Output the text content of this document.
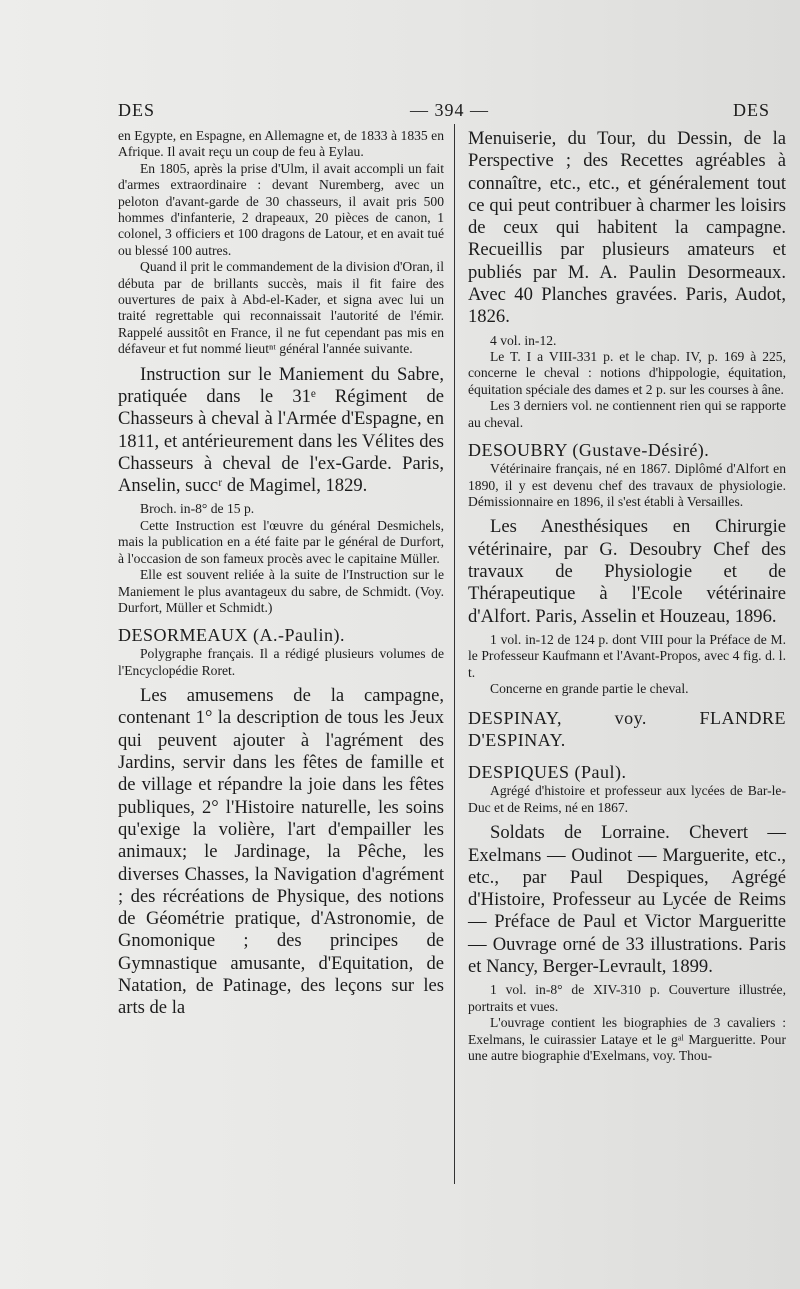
DES	— 394 —	DES

en Egypte, en Espagne, en Allemagne et, de 1833 à 1835 en Afrique. Il avait reçu un coup de feu à Eylau.

En 1805, après la prise d'Ulm, il avait accompli un fait d'armes extraordinaire : devant Nuremberg, avec un peloton d'avant-garde de 30 chasseurs, il avait pris 500 hommes d'infanterie, 2 drapeaux, 20 pièces de canon, 1 colonel, 3 officiers et 100 dragons de Latour, et en avait tué ou blessé 100 autres.

Quand il prit le commandement de la division d'Oran, il débuta par de brillants succès, mais il fit faire des ouvertures de paix à Abd-el-Kader, et signa avec lui un traité regrettable qui reconnaissait l'autorité de l'émir. Rappelé aussitôt en France, il ne fut cependant pas mis en défaveur et fut nommé lieutⁿᵗ général l'année suivante.

Instruction sur le Maniement du Sabre, pratiquée dans le 31ᵉ Régiment de Chasseurs à cheval à l'Armée d'Espagne, en 1811, et antérieurement dans les Vélites des Chasseurs à cheval de l'ex-Garde. Paris, Anselin, succʳ de Magimel, 1829.

Broch. in-8° de 15 p.

Cette Instruction est l'œuvre du général Desmichels, mais la publication en a été faite par le général de Durfort, à l'occasion de son fameux procès avec le capitaine Müller.

Elle est souvent reliée à la suite de l'Instruction sur le Maniement le plus avantageux du sabre, de Schmidt. (Voy. Durfort, Müller et Schmidt.)

DESORMEAUX (A.-Paulin).

Polygraphe français. Il a rédigé plusieurs volumes de l'Encyclopédie Roret.

Les amusemens de la campagne, contenant 1° la description de tous les Jeux qui peuvent ajouter à l'agrément des Jardins, servir dans les fêtes de famille et de village et répandre la joie dans les fêtes publiques, 2° l'Histoire naturelle, les soins qu'exige la volière, l'art d'empailler les animaux; le Jardinage, la Pêche, les diverses Chasses, la Navigation d'agrément ; des récréations de Physique, des notions de Géométrie pratique, d'Astronomie, de Gnomonique ; des principes de Gymnastique amusante, d'Equitation, de Natation, de Patinage, des leçons sur les arts de la

Menuiserie, du Tour, du Dessin, de la Perspective ; des Recettes agréables à connaître, etc., etc., et généralement tout ce qui peut contribuer à charmer les loisirs de ceux qui habitent la campagne. Recueillis par plusieurs amateurs et publiés par M. A. Paulin Desormeaux. Avec 40 Planches gravées. Paris, Audot, 1826.

4 vol. in-12.

Le T. I a VIII-331 p. et le chap. IV, p. 169 à 225, concerne le cheval : notions d'hippologie, équitation, équitation spéciale des dames et 2 p. sur les courses à âne.

Les 3 derniers vol. ne contiennent rien qui se rapporte au cheval.

DESOUBRY (Gustave-Désiré).

Vétérinaire français, né en 1867. Diplômé d'Alfort en 1890, il y est devenu chef des travaux de physiologie. Démissionnaire en 1896, il s'est établi à Versailles.

Les Anesthésiques en Chirurgie vétérinaire, par G. Desoubry Chef des travaux de Physiologie et de Thérapeutique à l'Ecole vétérinaire d'Alfort. Paris, Asselin et Houzeau, 1896.

1 vol. in-12 de 124 p. dont VIII pour la Préface de M. le Professeur Kaufmann et l'Avant-Propos, avec 4 fig. d. l. t.

Concerne en grande partie le cheval.

DESPINAY, voy. FLANDRE D'ESPINAY.

DESPIQUES (Paul).

Agrégé d'histoire et professeur aux lycées de Bar-le-Duc et de Reims, né en 1867.

Soldats de Lorraine. Chevert — Exelmans — Oudinot — Marguerite, etc., etc., par Paul Despiques, Agrégé d'Histoire, Professeur au Lycée de Reims — Préface de Paul et Victor Margueritte — Ouvrage orné de 33 illustrations. Paris et Nancy, Berger-Levrault, 1899.

1 vol. in-8° de XIV-310 p. Couverture illustrée, portraits et vues.

L'ouvrage contient les biographies de 3 cavaliers : Exelmans, le cuirassier Lataye et le gᵃˡ Margueritte. Pour une autre biographie d'Exelmans, voy. Thou-
